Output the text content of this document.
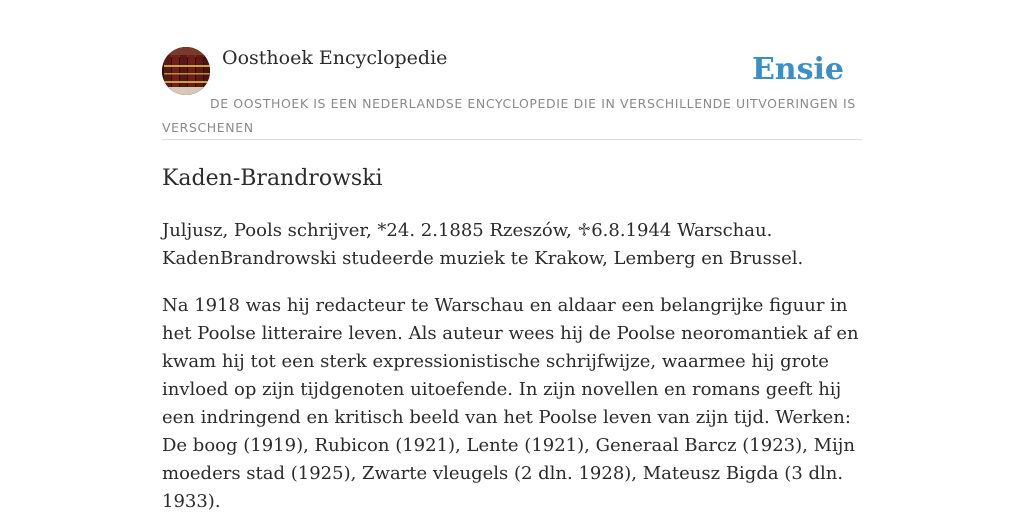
Oosthoek Encyclopedie	Ensie
DE OOSTHOEK IS EEN NEDERLANDSE ENCYCLOPEDIE DIE IN VERSCHILLENDE UITVOERINGEN IS VERSCHENEN
Kaden-Brandrowski

Juljusz, Pools schrijver, *24. 2.1885 Rzeszów, ♱6.8.1944 Warschau. KadenBrandrowski studeerde muziek te Krakow, Lemberg en Brussel.

Na 1918 was hij redacteur te Warschau en aldaar een belangrijke figuur in het Poolse litteraire leven. Als auteur wees hij de Poolse neoromantiek af en kwam hij tot een sterk expressionistische schrijfwijze, waarmee hij grote invloed op zijn tijdgenoten uitoefende. In zijn novellen en romans geeft hij een indringend en kritisch beeld van het Poolse leven van zijn tijd. Werken: De boog (1919), Rubicon (1921), Lente (1921), Generaal Barcz (1923), Mijn moeders stad (1925), Zwarte vleugels (2 dln. 1928), Mateusz Bigda (3 dln. 1933).
